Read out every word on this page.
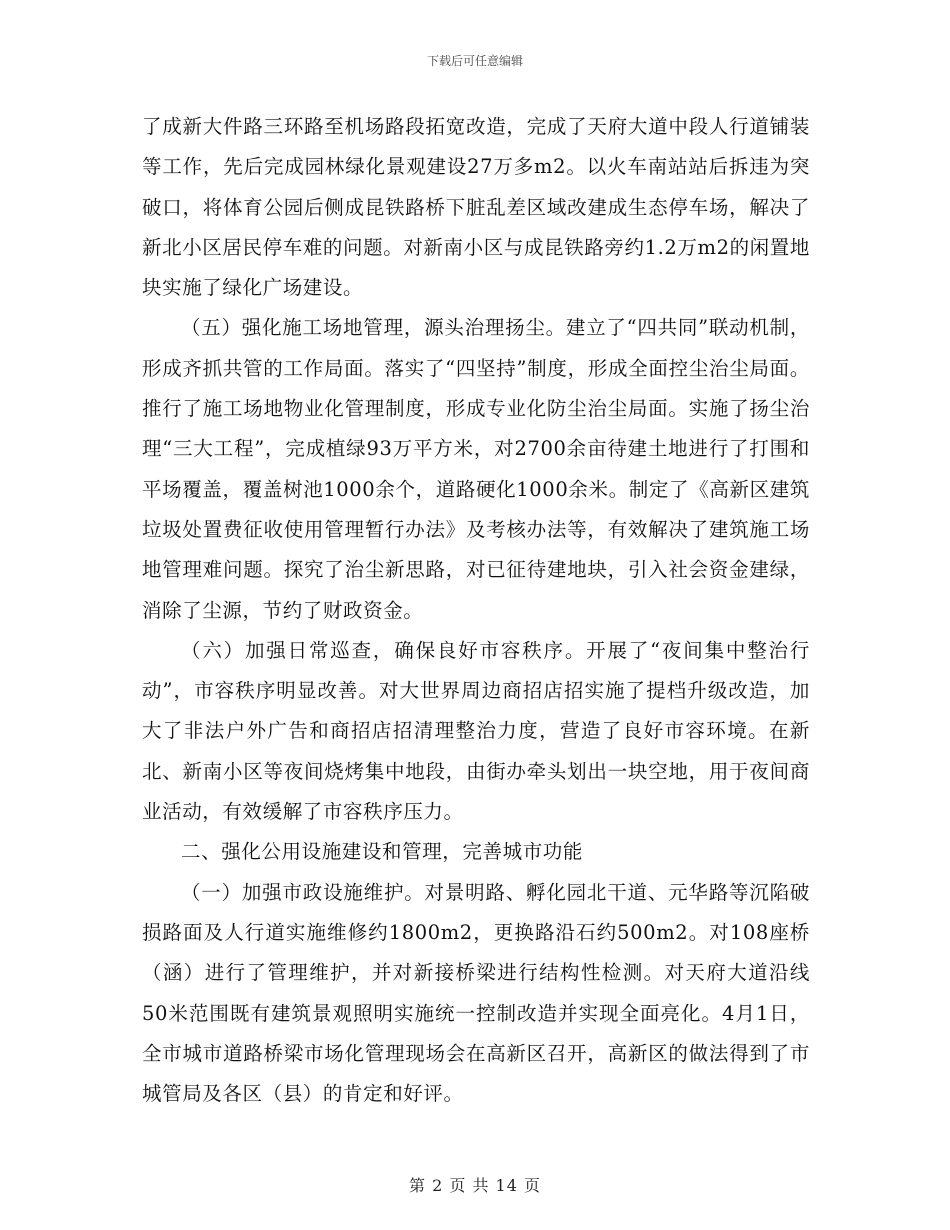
下载后可任意编辑

了成新大件路三环路至机场路段拓宽改造，完成了天府大道中段人行道铺装等工作，先后完成园林绿化景观建设27万多m2。以火车南站站后拆违为突破口，将体育公园后侧成昆铁路桥下脏乱差区域改建成生态停车场，解决了新北小区居民停车难的问题。对新南小区与成昆铁路旁约1.2万m2的闲置地块实施了绿化广场建设。

（五）强化施工场地管理，源头治理扬尘。建立了“四共同”联动机制，形成齐抓共管的工作局面。落实了“四坚持”制度，形成全面控尘治尘局面。推行了施工场地物业化管理制度，形成专业化防尘治尘局面。实施了扬尘治理“三大工程”，完成植绿93万平方米，对2700余亩待建土地进行了打围和平场覆盖，覆盖树池1000余个，道路硬化1000余米。制定了《高新区建筑垃圾处置费征收使用管理暂行办法》及考核办法等，有效解决了建筑施工场地管理难问题。探究了治尘新思路，对已征待建地块，引入社会资金建绿，消除了尘源，节约了财政资金。

（六）加强日常巡查，确保良好市容秩序。开展了“夜间集中整治行动”，市容秩序明显改善。对大世界周边商招店招实施了提档升级改造，加大了非法户外广告和商招店招清理整治力度，营造了良好市容环境。在新北、新南小区等夜间烧烤集中地段，由街办牵头划出一块空地，用于夜间商业活动，有效缓解了市容秩序压力。

二、强化公用设施建设和管理，完善城市功能

（一）加强市政设施维护。对景明路、孵化园北干道、元华路等沉陷破损路面及人行道实施维修约1800m2，更换路沿石约500m2。对108座桥（涵）进行了管理维护，并对新接桥梁进行结构性检测。对天府大道沿线50米范围既有建筑景观照明实施统一控制改造并实现全面亮化。4月1日，全市城市道路桥梁市场化管理现场会在高新区召开，高新区的做法得到了市城管局及各区（县）的肯定和好评。

第 2 页 共 14 页
